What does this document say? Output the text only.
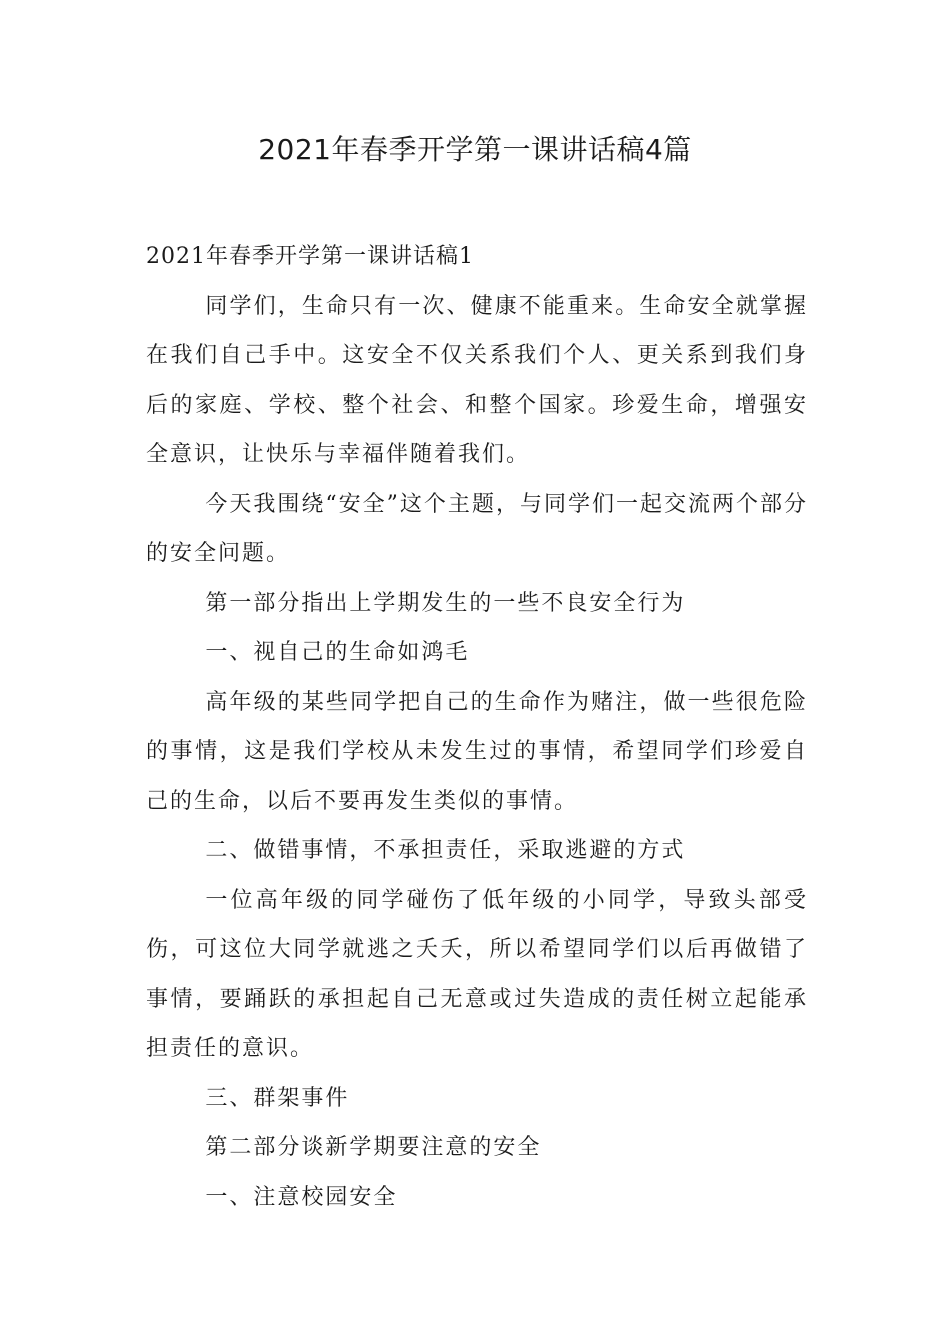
2021年春季开学第一课讲话稿4篇

2021年春季开学第一课讲话稿1

同学们，生命只有一次、健康不能重来。生命安全就掌握在我们自己手中。这安全不仅关系我们个人、更关系到我们身后的家庭、学校、整个社会、和整个国家。珍爱生命，增强安全意识，让快乐与幸福伴随着我们。

今天我围绕“安全”这个主题，与同学们一起交流两个部分的安全问题。

第一部分指出上学期发生的一些不良安全行为

一、视自己的生命如鸿毛

高年级的某些同学把自己的生命作为赌注，做一些很危险的事情，这是我们学校从未发生过的事情，希望同学们珍爱自己的生命，以后不要再发生类似的事情。

二、做错事情，不承担责任，采取逃避的方式

一位高年级的同学碰伤了低年级的小同学，导致头部受伤，可这位大同学就逃之夭夭，所以希望同学们以后再做错了事情，要踊跃的承担起自己无意或过失造成的责任树立起能承担责任的意识。

三、群架事件

第二部分谈新学期要注意的安全

一、注意校园安全
